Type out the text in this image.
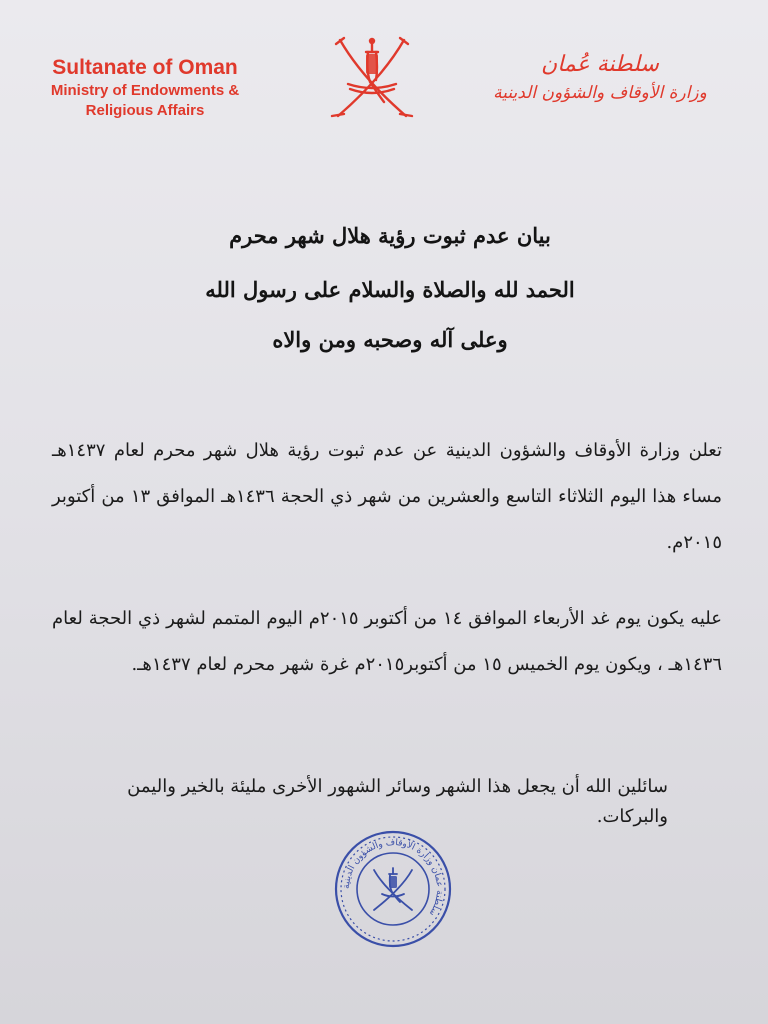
Sultanate of Oman
Ministry of Endowments &
Religious Affairs
سلطنة عُمان
وزارة الأوقاف والشؤون الدينية
بيان عدم ثبوت رؤية هلال شهر محرم
الحمد لله والصلاة والسلام على رسول الله
وعلى آله وصحبه ومن والاه
تعلن وزارة الأوقاف والشؤون الدينية عن عدم ثبوت رؤية هلال شهر محرم لعام ١٤٣٧هـ مساء هذا اليوم الثلاثاء التاسع والعشرين من شهر ذي الحجة ١٤٣٦هـ الموافق ١٣ من أكتوبر ٢٠١٥م.
عليه يكون يوم غد الأربعاء الموافق ١٤ من أكتوبر ٢٠١٥م اليوم المتمم لشهر ذي الحجة لعام ١٤٣٦هـ ، ويكون يوم الخميس ١٥ من أكتوبر٢٠١٥م غرة شهر محرم لعام ١٤٣٧هـ.
سائلين الله أن يجعل هذا الشهر وسائر الشهور الأخرى مليئة بالخير واليمن والبركات.
سلطنة عمان وزارة الأوقاف والشؤون الدينية
